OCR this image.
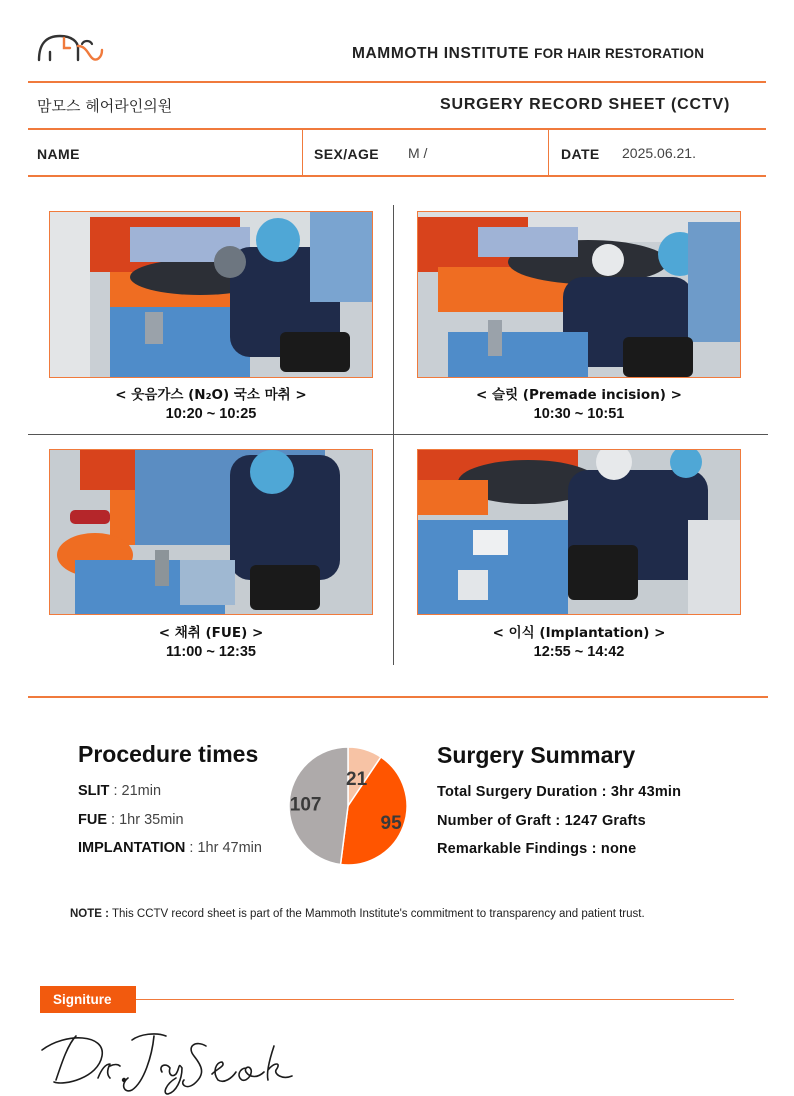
MAMMOTH INSTITUTE FOR HAIR RESTORATION
맘모스 헤어라인의원	SURGERY RECORD SHEET (CCTV)
NAME	SEX/AGE M /	DATE 2025.06.21.
< 웃음가스 (N₂O) 국소 마취 >
10:20 ~ 10:25
< 슬릿 (Premade incision) >
10:30 ~ 10:51
< 채취 (FUE) >
11:00 ~ 12:35
< 이식 (Implantation) >
12:55 ~ 14:42
Procedure times
SLIT : 21min
FUE : 1hr 35min
IMPLANTATION : 1hr 47min
21
95
107
Surgery Summary
Total Surgery Duration : 3hr 43min
Number of Graft : 1247 Grafts
Remarkable Findings : none
NOTE : This CCTV record sheet is part of the Mammoth Institute's commitment to transparency and patient trust.
Signiture
